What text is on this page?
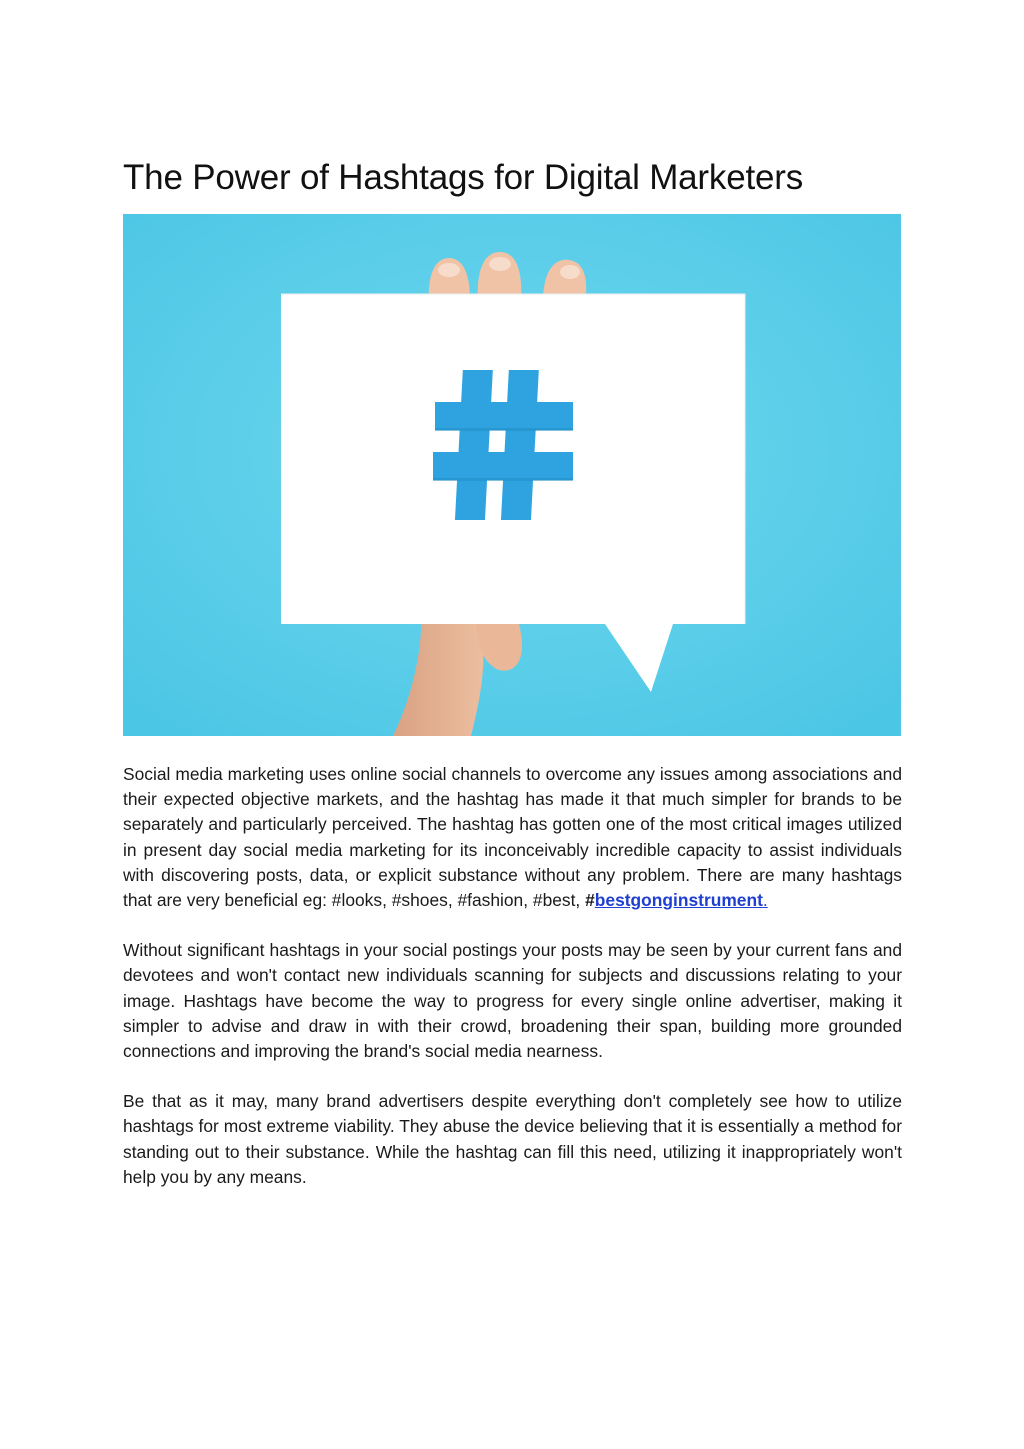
The Power of Hashtags for Digital Marketers

Social media marketing uses online social channels to overcome any issues among associations and their expected objective markets, and the hashtag has made it that much simpler for brands to be separately and particularly perceived. The hashtag has gotten one of the most critical images utilized in present day social media marketing for its inconceivably incredible capacity to assist individuals with discovering posts, data, or explicit substance without any problem. There are many hashtags that are very beneficial eg: #looks, #shoes, #fashion, #best, #bestgonginstrument.

Without significant hashtags in your social postings your posts may be seen by your current fans and devotees and won't contact new individuals scanning for subjects and discussions relating to your image. Hashtags have become the way to progress for every single online advertiser, making it simpler to advise and draw in with their crowd, broadening their span, building more grounded connections and improving the brand's social media nearness.

Be that as it may, many brand advertisers despite everything don't completely see how to utilize hashtags for most extreme viability. They abuse the device believing that it is essentially a method for standing out to their substance. While the hashtag can fill this need, utilizing it inappropriately won't help you by any means.
